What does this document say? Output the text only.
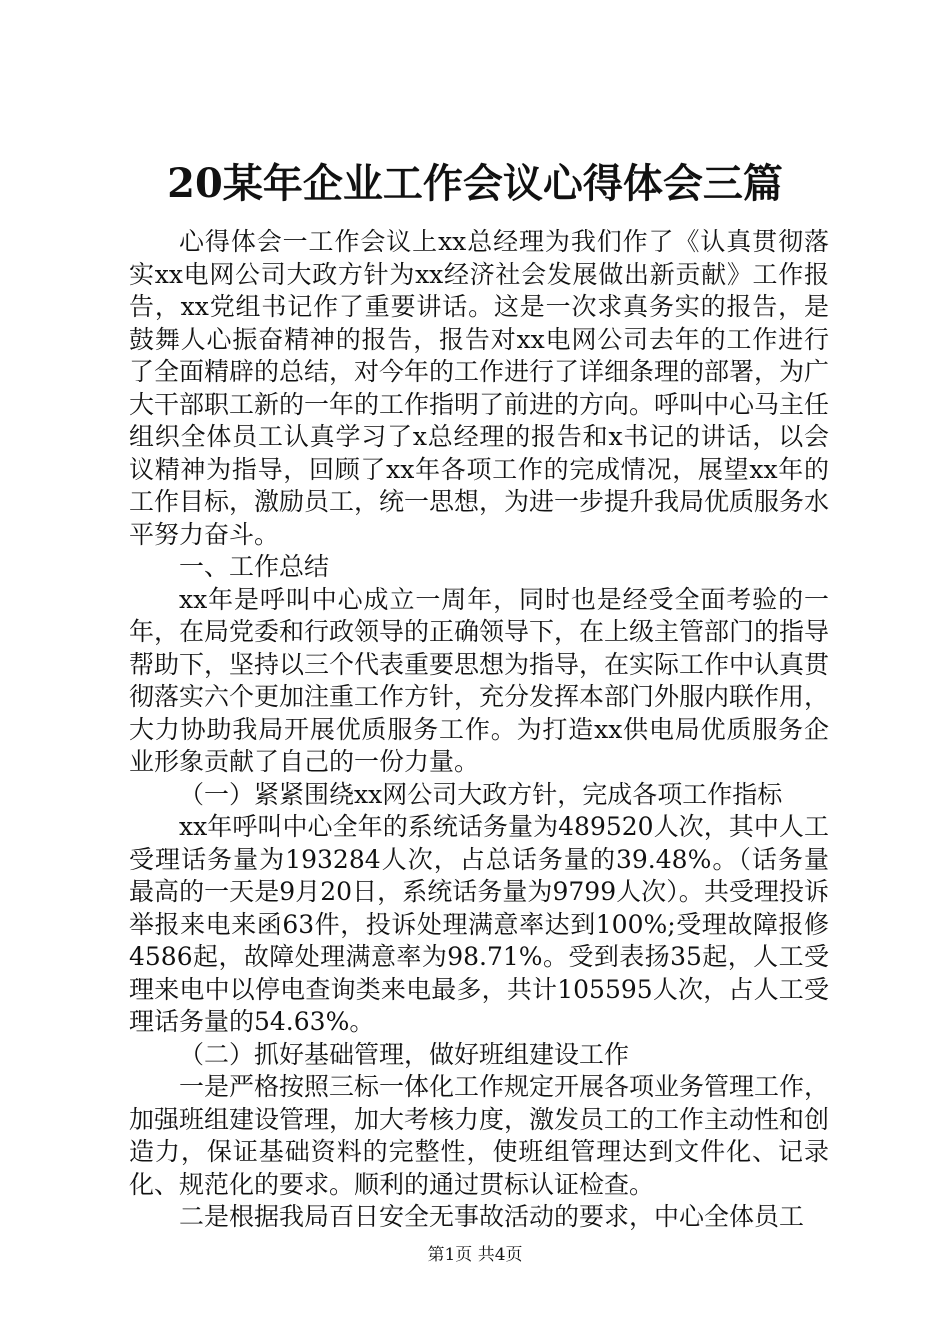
20某年企业工作会议心得体会三篇

心得体会一工作会议上xx总经理为我们作了《认真贯彻落实xx电网公司大政方针为xx经济社会发展做出新贡献》工作报告，xx党组书记作了重要讲话。这是一次求真务实的报告，是鼓舞人心振奋精神的报告，报告对xx电网公司去年的工作进行了全面精辟的总结，对今年的工作进行了详细条理的部署，为广大干部职工新的一年的工作指明了前进的方向。呼叫中心马主任组织全体员工认真学习了x总经理的报告和x书记的讲话，以会议精神为指导，回顾了xx年各项工作的完成情况，展望xx年的工作目标，激励员工，统一思想，为进一步提升我局优质服务水平努力奋斗。

一、工作总结

xx年是呼叫中心成立一周年，同时也是经受全面考验的一年，在局党委和行政领导的正确领导下，在上级主管部门的指导帮助下，坚持以三个代表重要思想为指导，在实际工作中认真贯彻落实六个更加注重工作方针，充分发挥本部门外服内联作用，大力协助我局开展优质服务工作。为打造xx供电局优质服务企业形象贡献了自己的一份力量。

（一）紧紧围绕xx网公司大政方针，完成各项工作指标

xx年呼叫中心全年的系统话务量为489520人次，其中人工受理话务量为193284人次，占总话务量的39.48%。（话务量最高的一天是9月20日，系统话务量为9799人次）。共受理投诉举报来电来函63件，投诉处理满意率达到100%;受理故障报修4586起，故障处理满意率为98.71%。受到表扬35起，人工受理来电中以停电查询类来电最多，共计105595人次，占人工受理话务量的54.63%。

（二）抓好基础管理，做好班组建设工作

一是严格按照三标一体化工作规定开展各项业务管理工作，加强班组建设管理，加大考核力度，激发员工的工作主动性和创造力，保证基础资料的完整性，使班组管理达到文件化、记录化、规范化的要求。顺利的通过贯标认证检查。

二是根据我局百日安全无事故活动的要求，中心全体员工

第1页 共4页
